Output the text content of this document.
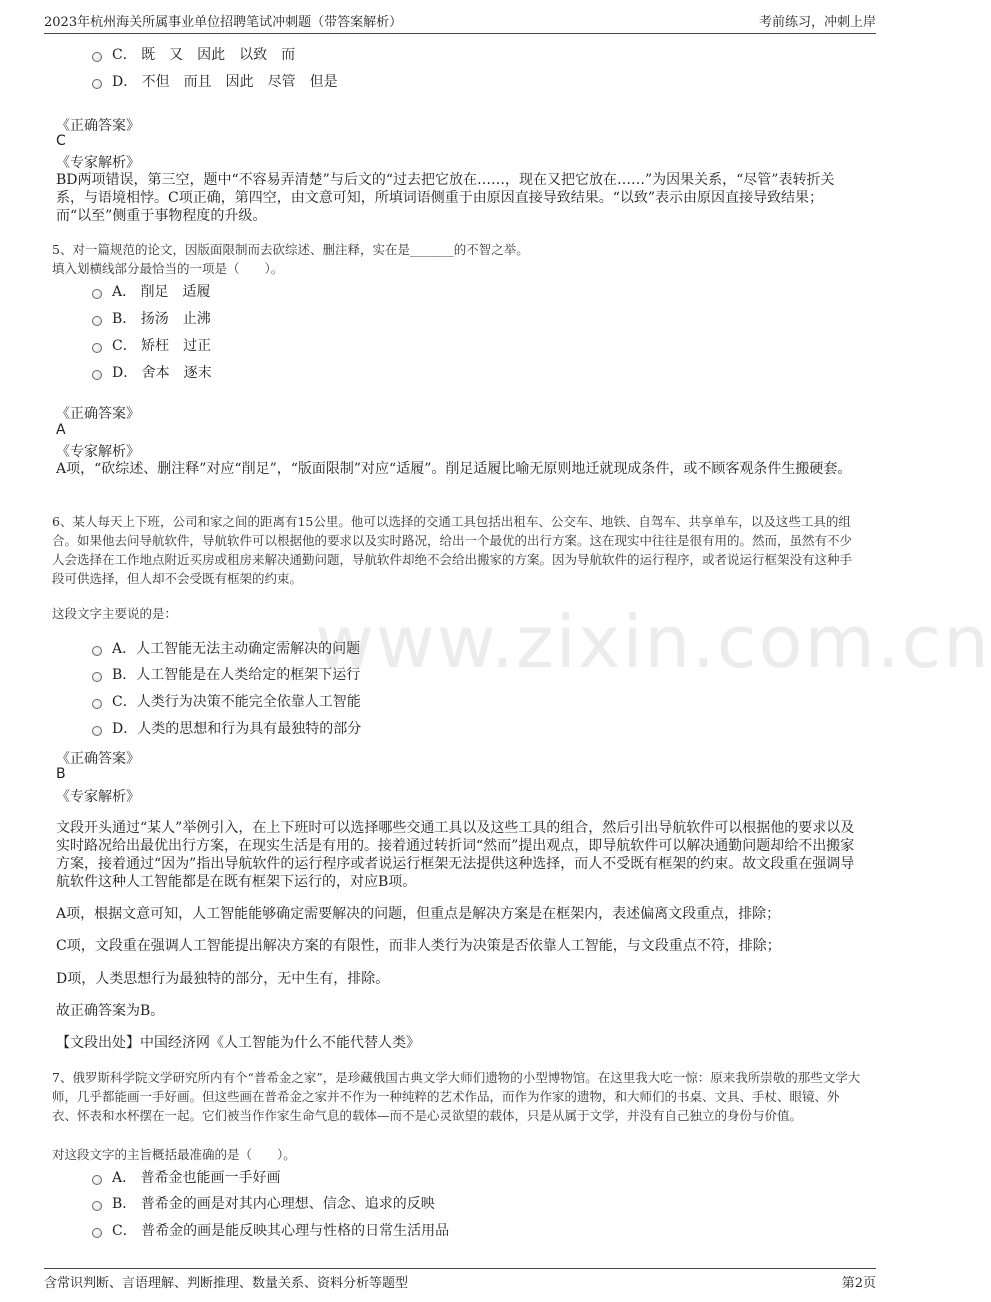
2023年杭州海关所属事业单位招聘笔试冲刺题（带答案解析）	考前练习，冲刺上岸
www.zixin.com.cn
C． 既　又　因此　以致　而
D． 不但　而且　因此　尽管　但是
《正确答案》
C
《专家解析》
BD两项错误，第三空，题中“不容易弄清楚”与后文的“过去把它放在……，现在又把它放在……”为因果关系，“尽管”表转折关系，与语境相悖。C项正确，第四空，由文意可知，所填词语侧重于由原因直接导致结果。“以致”表示由原因直接导致结果；而“以至”侧重于事物程度的升级。
5、对一篇规范的论文，因版面限制而去砍综述、删注释，实在是_______的不智之举。
填入划横线部分最恰当的一项是（　　）。
A． 削足　适履
B． 扬汤　止沸
C． 矫枉　过正
D． 舍本　逐末
《正确答案》
A
《专家解析》
A项，“砍综述、删注释”对应“削足”，“版面限制”对应“适履”。削足适履比喻无原则地迁就现成条件，或不顾客观条件生搬硬套。
6、某人每天上下班，公司和家之间的距离有15公里。他可以选择的交通工具包括出租车、公交车、地铁、自驾车、共享单车，以及这些工具的组合。如果他去问导航软件，导航软件可以根据他的要求以及实时路况，给出一个最优的出行方案。这在现实中往往是很有用的。然而，虽然有不少人会选择在工作地点附近买房或租房来解决通勤问题，导航软件却绝不会给出搬家的方案。因为导航软件的运行程序，或者说运行框架没有这种手段可供选择，但人却不会受既有框架的约束。
这段文字主要说的是：
A．人工智能无法主动确定需解决的问题
B．人工智能是在人类给定的框架下运行
C．人类行为决策不能完全依靠人工智能
D．人类的思想和行为具有最独特的部分
《正确答案》
B
《专家解析》
文段开头通过“某人”举例引入，在上下班时可以选择哪些交通工具以及这些工具的组合，然后引出导航软件可以根据他的要求以及实时路况给出最优出行方案，在现实生活是有用的。接着通过转折词“然而”提出观点，即导航软件可以解决通勤问题却给不出搬家方案，接着通过“因为”指出导航软件的运行程序或者说运行框架无法提供这种选择，而人不受既有框架的约束。故文段重在强调导航软件这种人工智能都是在既有框架下运行的，对应B项。
A项，根据文意可知，人工智能能够确定需要解决的问题，但重点是解决方案是在框架内，表述偏离文段重点，排除；
C项，文段重在强调人工智能提出解决方案的有限性，而非人类行为决策是否依靠人工智能，与文段重点不符，排除；
D项，人类思想行为最独特的部分，无中生有，排除。
故正确答案为B。
【文段出处】中国经济网《人工智能为什么不能代替人类》
7、俄罗斯科学院文学研究所内有个“普希金之家”，是珍藏俄国古典文学大师们遗物的小型博物馆。在这里我大吃一惊：原来我所崇敬的那些文学大师，几乎都能画一手好画。但这些画在普希金之家并不作为一种纯粹的艺术作品，而作为作家的遗物，和大师们的书桌、文具、手杖、眼镜、外衣、怀表和水杯摆在一起。它们被当作作家生命气息的载体—而不是心灵欲望的载体，只是从属于文学，并没有自己独立的身份与价值。
对这段文字的主旨概括最准确的是（　　）。
A． 普希金也能画一手好画
B． 普希金的画是对其内心理想、信念、追求的反映
C． 普希金的画是能反映其心理与性格的日常生活用品
含常识判断、言语理解、判断推理、数量关系、资料分析等题型	第2页
